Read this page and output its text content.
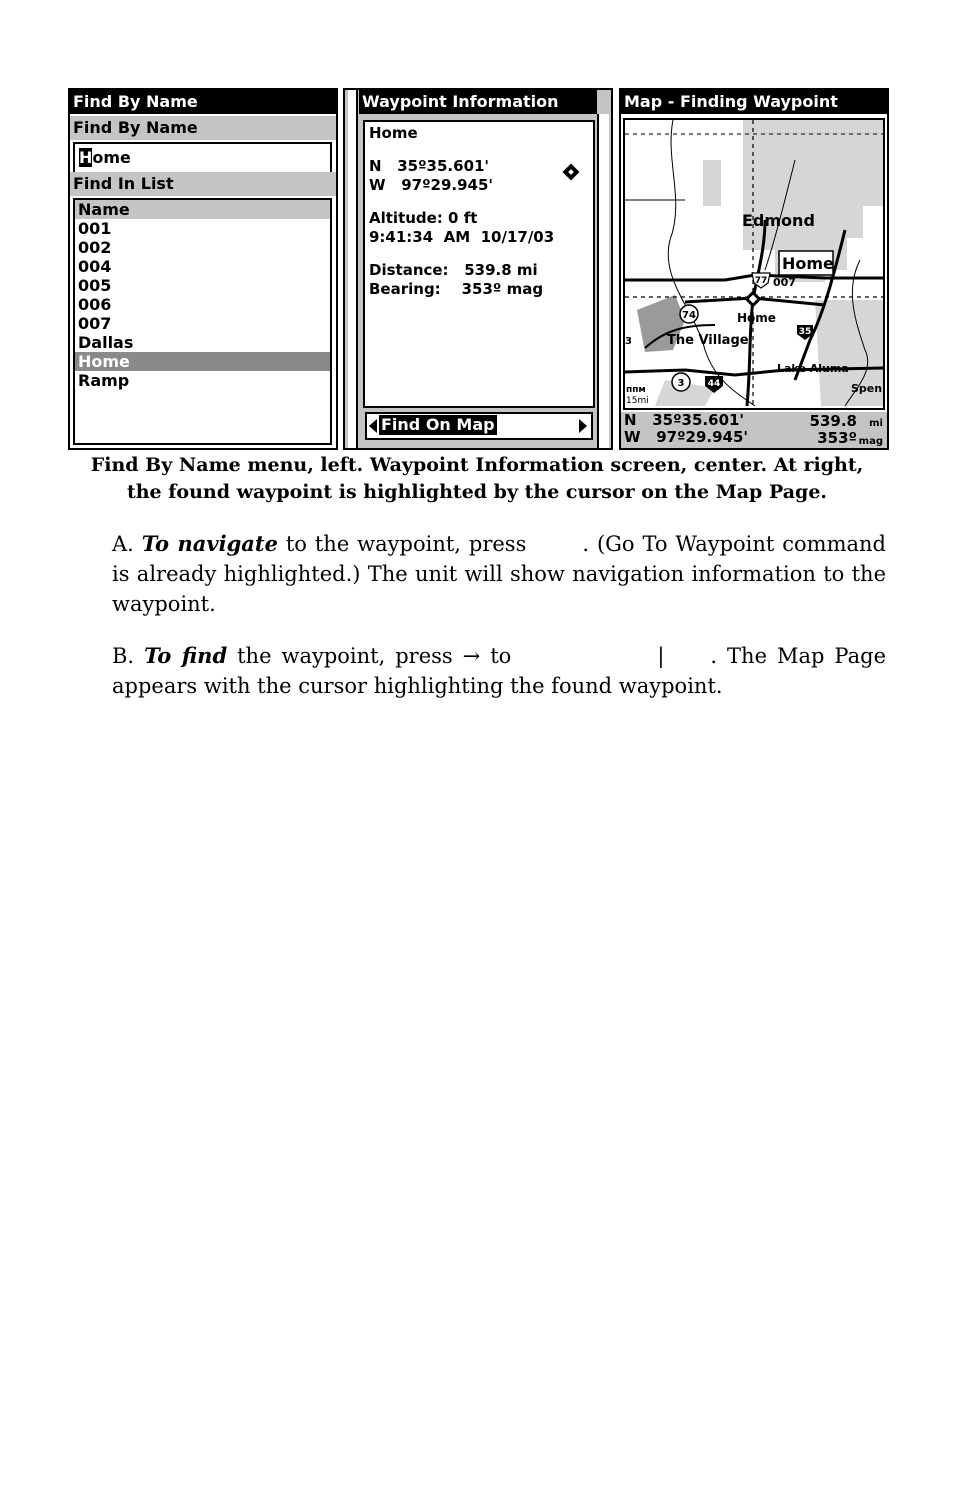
Find By Name
Find By Name
Home
Find In List
Name
001
002
004
005
006
007
Dallas
Home
Ramp
Waypoint Information
Home
N   35º35.601'
W   97º29.945'
Altitude: 0 ft
9:41:34  AM  10/17/03
Distance:   539.8 mi
Bearing:    353º mag
Find On Map
Map - Finding Waypoint
74
3
77
35
44
Edmond
Home
007
Home
The Village
Lake Aluma
Spen
3
ппм
15mi
N   35º35.601'
W   97º29.945'
539.8 mi
353º mag
Find By Name menu, left. Waypoint Information screen, center. At right,
the found waypoint is highlighted by the cursor on the Map Page.
A. To navigate to the waypoint, press	. (Go To Waypoint command is already highlighted.) The unit will show navigation information to the waypoint.
B. To find the waypoint, press → to	| . The Map Page appears with the cursor highlighting the found waypoint.
